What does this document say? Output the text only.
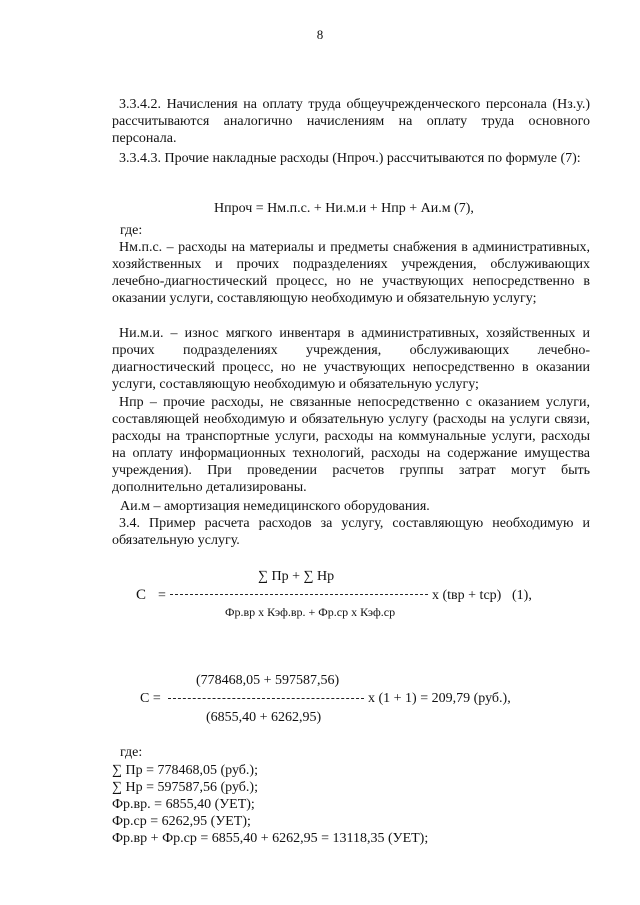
8
3.3.4.2. Начисления на оплату труда общеучрежденческого персонала (Нз.у.) рассчитываются аналогично начислениям на оплату труда основного персонала.
3.3.4.3. Прочие накладные расходы (Нпроч.) рассчитываются по формуле (7):
Нпроч = Нм.п.с. + Ни.м.и + Нпр + Аи.м (7),
где:
Нм.п.с. – расходы на материалы и предметы снабжения в административных, хозяйственных и прочих подразделениях учреждения, обслуживающих лечебно-диагностический процесс, но не участвующих непосредственно в оказании услуги, составляющую необходимую и обязательную услугу;
Ни.м.и. – износ мягкого инвентаря в административных, хозяйственных и прочих подразделениях учреждения, обслуживающих лечебно-диагностический процесс, но не участвующих непосредственно в оказании услуги, составляющую необходимую и обязательную услугу;
Нпр – прочие расходы, не связанные непосредственно с оказанием услуги, составляющей необходимую и обязательную услугу (расходы на услуги связи, расходы на транспортные услуги, расходы на коммунальные услуги, расходы на оплату информационных технологий, расходы на содержание имущества учреждения). При проведении расчетов группы затрат могут быть дополнительно детализированы.
Аи.м – амортизация немедицинского оборудования.
3.4. Пример расчета расходов за услугу, составляющую необходимую и обязательную услугу.
С =
∑ Пр + ∑ Нр
Фр.вр х Кэф.вр. + Фр.ср х Кэф.ср
х (tвр + tср) (1),
(778468,05 + 597587,56)
С =
(6855,40 + 6262,95)
х (1 + 1) = 209,79 (руб.),
где:
∑ Пр = 778468,05 (руб.);
∑ Нр = 597587,56 (руб.);
Фр.вр. = 6855,40 (УЕТ);
Фр.ср = 6262,95 (УЕТ);
Фр.вр + Фр.ср = 6855,40 + 6262,95 = 13118,35 (УЕТ);
